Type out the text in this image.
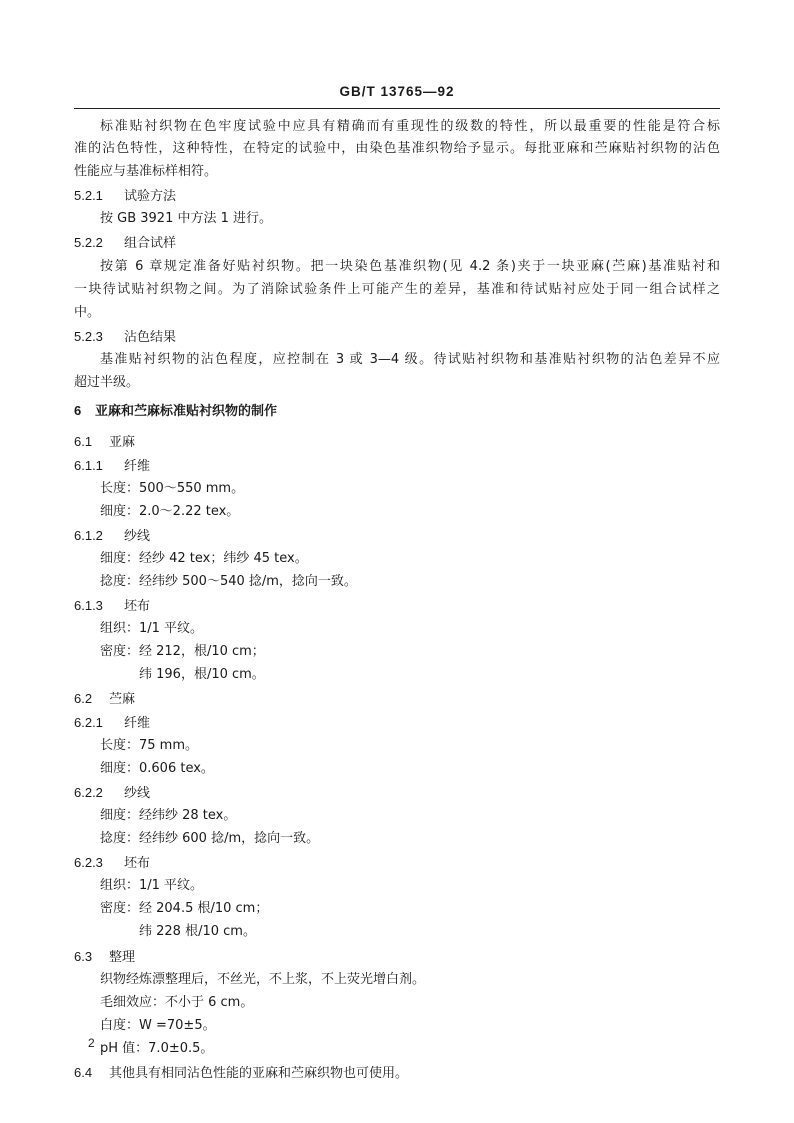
GB/T 13765—92
标准贴衬织物在色牢度试验中应具有精确而有重现性的级数的特性，所以最重要的性能是符合标
准的沾色特性，这种特性，在特定的试验中，由染色基准织物给予显示。每批亚麻和苎麻贴衬织物的沾色
性能应与基准标样相符。
5.2.1 试验方法
按 GB 3921 中方法 1 进行。
5.2.2 组合试样
按第 6 章规定准备好贴衬织物。把一块染色基准织物(见 4.2 条)夹于一块亚麻(苎麻)基准贴衬和
一块待试贴衬织物之间。为了消除试验条件上可能产生的差异，基准和待试贴衬应处于同一组合试样之
中。
5.2.3 沾色结果
基准贴衬织物的沾色程度，应控制在 3 或 3—4 级。待试贴衬织物和基准贴衬织物的沾色差异不应
超过半级。
6 亚麻和苎麻标准贴衬织物的制作
6.1 亚麻
6.1.1 纤维
长度：500～550 mm。
细度：2.0～2.22 tex。
6.1.2 纱线
细度：经纱 42 tex；纬纱 45 tex。
捻度：经纬纱 500～540 捻/m，捻向一致。
6.1.3 坯布
组织：1/1 平纹。
密度：经 212，根/10 cm；
纬 196，根/10 cm。
6.2 苎麻
6.2.1 纤维
长度：75 mm。
细度：0.606 tex。
6.2.2 纱线
细度：经纬纱 28 tex。
捻度：经纬纱 600 捻/m，捻向一致。
6.2.3 坯布
组织：1/1 平纹。
密度：经 204.5 根/10 cm；
纬 228 根/10 cm。
6.3 整理
织物经炼漂整理后，不丝光，不上浆，不上荧光增白剂。
毛细效应：不小于 6 cm。
白度：W =70±5。
pH 值：7.0±0.5。
6.4 其他具有相同沾色性能的亚麻和苎麻织物也可使用。
2
